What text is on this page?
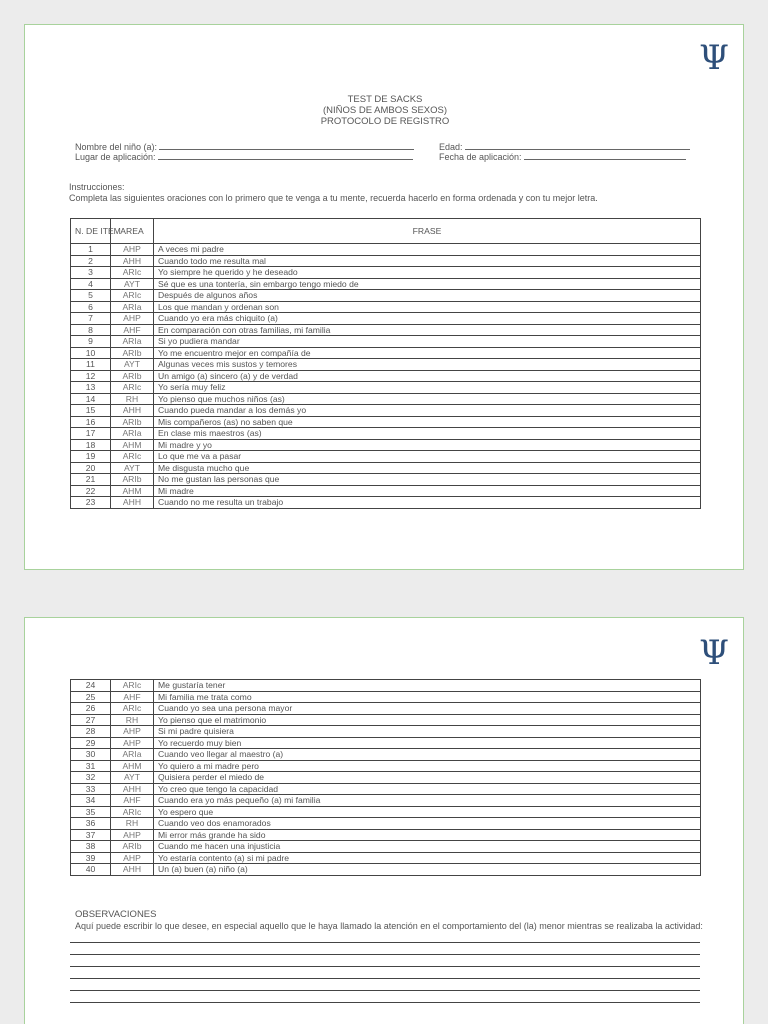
Ψ
TEST DE SACKS
(NIÑOS DE AMBOS SEXOS)
PROTOCOLO DE REGISTRO
Nombre del niño (a):	Edad:
Lugar de aplicación:	Fecha de aplicación:
Instrucciones:
Completa las siguientes oraciones con lo primero que te venga a tu mente, recuerda hacerlo en forma ordenada y con tu mejor letra.
N. DE ITEM	AREA	FRASE
1	AHP	A veces mi padre
2	AHH	Cuando todo me resulta mal
3	ARIc	Yo siempre he querido y he deseado
4	AYT	Sé que es una tontería, sin embargo tengo miedo de
5	ARIc	Después de algunos años
6	ARIa	Los que mandan y ordenan son
7	AHP	Cuando yo era más chiquito (a)
8	AHF	En comparación con otras familias, mi familia
9	ARIa	Si yo pudiera mandar
10	ARIb	Yo me encuentro mejor en compañía de
11	AYT	Algunas veces mis sustos y temores
12	ARIb	Un amigo (a) sincero (a) y de verdad
13	ARIc	Yo sería muy feliz
14	RH	Yo pienso que muchos niños (as)
15	AHH	Cuando pueda mandar a los demás yo
16	ARIb	Mis compañeros (as) no saben que
17	ARIa	En clase mis maestros (as)
18	AHM	Mi madre y yo
19	ARIc	Lo que me va a pasar
20	AYT	Me disgusta mucho que
21	ARIb	No me gustan las personas que
22	AHM	Mi madre
23	AHH	Cuando no me resulta un trabajo
Ψ
24	ARIc	Me gustaría tener
25	AHF	Mi familia me trata como
26	ARIc	Cuando yo sea una persona mayor
27	RH	Yo pienso que el matrimonio
28	AHP	Si mi padre quisiera
29	AHP	Yo recuerdo muy bien
30	ARIa	Cuando veo llegar al maestro (a)
31	AHM	Yo quiero a mi madre pero
32	AYT	Quisiera perder el miedo de
33	AHH	Yo creo que tengo la capacidad
34	AHF	Cuando era yo más pequeño (a) mi familia
35	ARIc	Yo espero que
36	RH	Cuando veo dos enamorados
37	AHP	Mi error más grande ha sido
38	ARIb	Cuando me hacen una injusticia
39	AHP	Yo estaría contento (a) si mi padre
40	AHH	Un (a) buen (a) niño (a)
OBSERVACIONES
Aquí puede escribir lo que desee, en especial aquello que le haya llamado la atención en el comportamiento del (la) menor mientras se realizaba la actividad:
